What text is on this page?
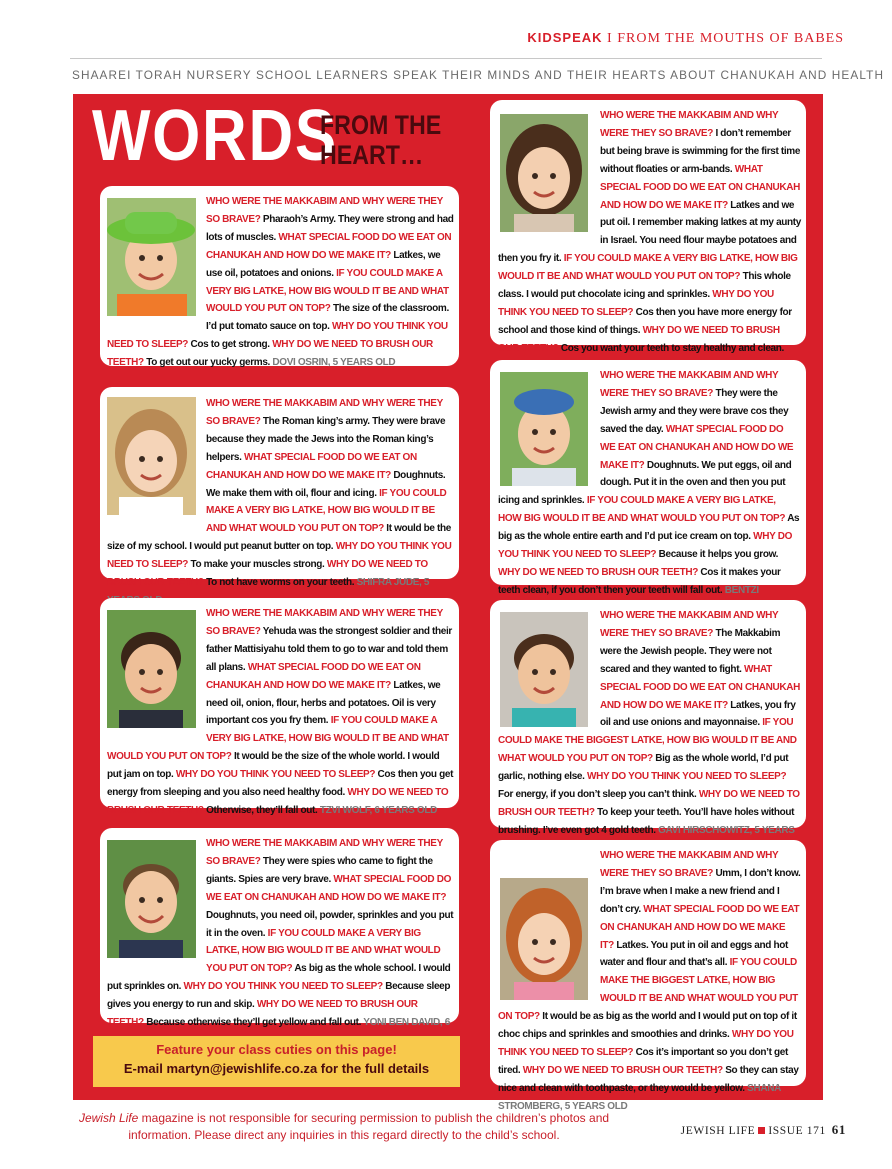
KIDSPEAK I FROM THE MOUTHS OF BABES
SHAAREI TORAH NURSERY SCHOOL LEARNERS SPEAK THEIR MINDS AND THEIR HEARTS ABOUT CHANUKAH AND HEALTH
WORDS
FROM THE
HEART…
WHO WERE THE MAKKABIM AND WHY WERE THEY SO BRAVE? Pharaoh’s Army. They were strong and had lots of muscles. WHAT SPECIAL FOOD DO WE EAT ON CHANUKAH AND HOW DO WE MAKE IT? Latkes, we use oil, potatoes and onions. IF YOU COULD MAKE A VERY BIG LATKE, HOW BIG WOULD IT BE AND WHAT WOULD YOU PUT ON TOP? The size of the classroom. I’d put tomato sauce on top. WHY DO YOU THINK YOU NEED TO SLEEP? Cos to get strong. WHY DO WE NEED TO BRUSH OUR TEETH? To get out our yucky germs. DOVI OSRIN, 5 YEARS OLD
WHO WERE THE MAKKABIM AND WHY WERE THEY SO BRAVE? I don’t remember but being brave is swimming for the first time without floaties or arm-bands. WHAT SPECIAL FOOD DO WE EAT ON CHANUKAH AND HOW DO WE MAKE IT? Latkes and we put oil. I remember making latkes at my aunty in Israel. You need flour maybe potatoes and then you fry it. IF YOU COULD MAKE A VERY BIG LATKE, HOW BIG WOULD IT BE AND WHAT WOULD YOU PUT ON TOP? This whole class. I would put chocolate icing and sprinkles. WHY DO YOU THINK YOU NEED TO SLEEP? Cos then you have more energy for school and those kind of things. WHY DO WE NEED TO BRUSH OUR TEETH? Cos you want your teeth to stay healthy and clean.
WHO WERE THE MAKKABIM AND WHY WERE THEY SO BRAVE? The Roman king’s army. They were brave because they made the Jews into the Roman king’s helpers. WHAT SPECIAL FOOD DO WE EAT ON CHANUKAH AND HOW DO WE MAKE IT? Doughnuts. We make them with oil, flour and icing. IF YOU COULD MAKE A VERY BIG LATKE, HOW BIG WOULD IT BE AND WHAT WOULD YOU PUT ON TOP? It would be the size of my school. I would put peanut butter on top. WHY DO YOU THINK YOU NEED TO SLEEP? To make your muscles strong. WHY DO WE NEED TO BRUSH OUR TEETH? To not have worms on your teeth. SHIFRA JUDE, 5
WHO WERE THE MAKKABIM AND WHY WERE THEY SO BRAVE? They were the Jewish army and they were brave cos they saved the day. WHAT SPECIAL FOOD DO WE EAT ON CHANUKAH AND HOW DO WE MAKE IT? Doughnuts. We put eggs, oil and dough. Put it in the oven and then you put icing and sprinkles. IF YOU COULD MAKE A VERY BIG LATKE, HOW BIG WOULD IT BE AND WHAT WOULD YOU PUT ON TOP? As big as the whole entire earth and I’d put ice cream on top. WHY DO YOU THINK YOU NEED TO SLEEP? Because it helps you grow. WHY DO WE NEED TO BRUSH OUR TEETH? Cos it makes your teeth clean, if you don’t then your teeth will fall out. BENTZI
WHO WERE THE MAKKABIM AND WHY WERE THEY SO BRAVE? Yehuda was the strongest soldier and their father Mattisiyahu told them to go to war and told them all plans. WHAT SPECIAL FOOD DO WE EAT ON CHANUKAH AND HOW DO WE MAKE IT? Latkes, we need oil, onion, flour, herbs and potatoes. Oil is very important cos you fry them. IF YOU COULD MAKE A VERY BIG LATKE, HOW BIG WOULD IT BE AND WHAT WOULD YOU PUT ON TOP? It would be the size of the whole world. I would put jam on top. WHY DO YOU THINK YOU NEED TO SLEEP? Cos then you get energy from sleeping and you also need healthy food. WHY DO WE NEED TO BRUSH OUR TEETH? Otherwise, they’ll fall out. TZVI WOLF, 6 YEARS OLD
WHO WERE THE MAKKABIM AND WHY WERE THEY SO BRAVE? The Makkabim were the Jewish people. They were not scared and they wanted to fight. WHAT SPECIAL FOOD DO WE EAT ON CHANUKAH AND HOW DO WE MAKE IT? Latkes, you fry oil and use onions and mayonnaise. IF YOU COULD MAKE THE BIGGEST LATKE, HOW BIG WOULD IT BE AND WHAT WOULD YOU PUT ON TOP? Big as the whole world, I’d put garlic, nothing else. WHY DO YOU THINK YOU NEED TO SLEEP? For energy, if you don’t sleep you can’t think. WHY DO WE NEED TO BRUSH OUR TEETH? To keep your teeth. You’ll have holes without brushing. I’ve even got 4 gold teeth. GAVI HIRSCHOWITZ, 5 YEARS
WHO WERE THE MAKKABIM AND WHY WERE THEY SO BRAVE? They were spies who came to fight the giants. Spies are very brave. WHAT SPECIAL FOOD DO WE EAT ON CHANUKAH AND HOW DO WE MAKE IT? Doughnuts, you need oil, powder, sprinkles and you put it in the oven. IF YOU COULD MAKE A VERY BIG LATKE, HOW BIG WOULD IT BE AND WHAT WOULD YOU PUT ON TOP? As big as the whole school. I would put sprinkles on. WHY DO YOU THINK YOU NEED TO SLEEP? Because sleep gives you energy to run and skip. WHY DO WE NEED TO BRUSH OUR TEETH? Because otherwise they’ll get yellow and fall out. YONI BEN DAVID, 6
WHO WERE THE MAKKABIM AND WHY WERE THEY SO BRAVE? Umm, I don’t know. I’m brave when I make a new friend and I don’t cry. WHAT SPECIAL FOOD DO WE EAT ON CHANUKAH AND HOW DO WE MAKE IT? Latkes. You put in oil and eggs and hot water and flour and that’s all. IF YOU COULD MAKE THE BIGGEST LATKE, HOW BIG WOULD IT BE AND WHAT WOULD YOU PUT ON TOP? It would be as big as the world and I would put on top of it choc chips and sprinkles and smoothies and drinks. WHY DO YOU THINK YOU NEED TO SLEEP? Cos it’s important so you don’t get tired. WHY DO WE NEED TO BRUSH OUR TEETH? So they can stay nice and clean with toothpaste, or they would be yellow. SHANA STROMBERG, 5 YEARS OLD
Feature your class cuties on this page!
E-mail martyn@jewishlife.co.za for the full details
Jewish Life magazine is not responsible for securing permission to publish the children’s photos and information. Please direct any inquiries in this regard directly to the child’s school.	JEWISH LIFE ISSUE 171 61
